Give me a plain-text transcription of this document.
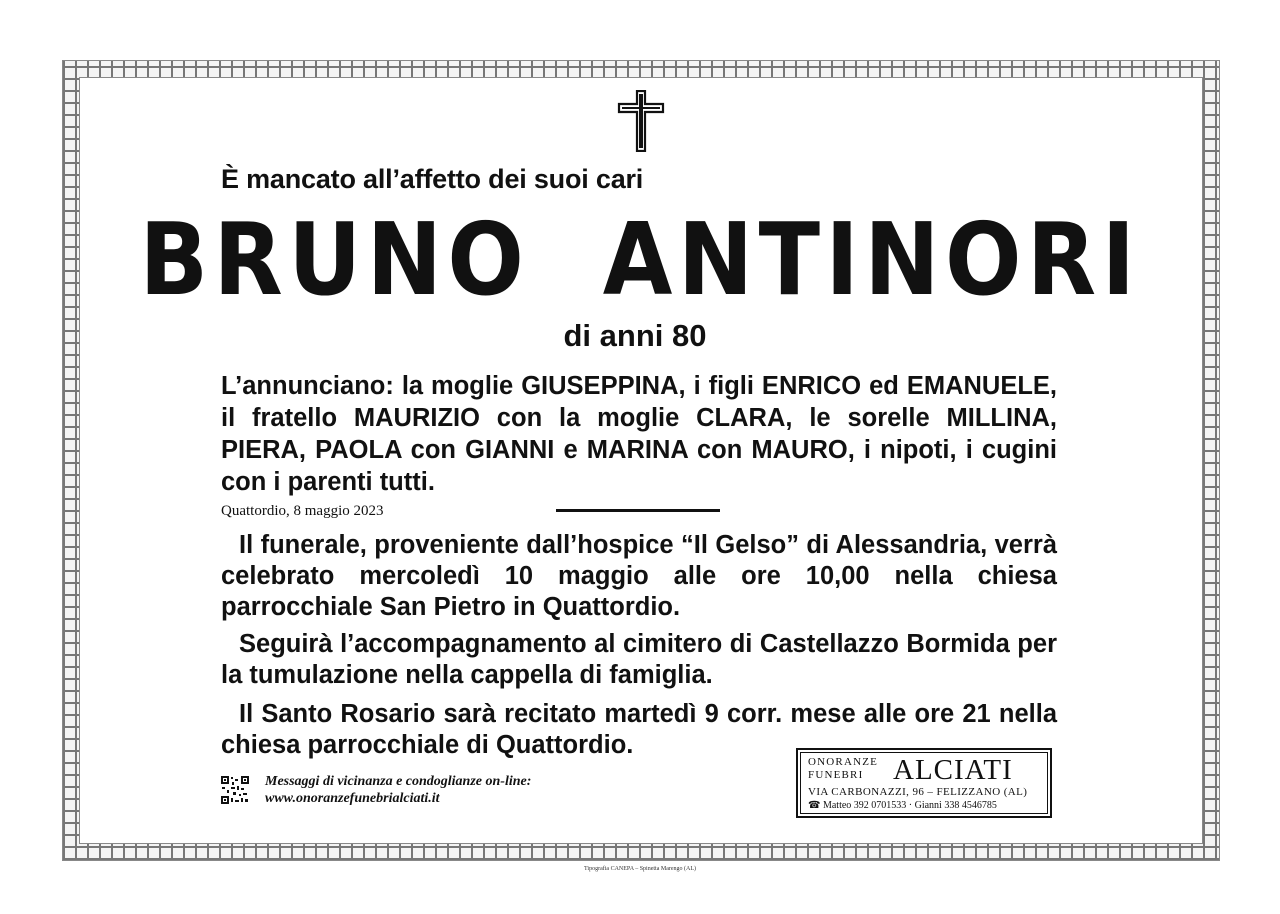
È mancato all’affetto dei suoi cari
BRUNO  ANTINORI
di anni 80
L’annunciano: la moglie GIUSEPPINA, i figli ENRICO ed EMANUELE, il fratello MAURIZIO con la moglie CLARA, le sorelle MILLINA, PIERA, PAOLA con GIANNI e MARINA con MAURO, i nipoti, i cugini con i parenti tutti.
Quattordio, 8 maggio 2023
Il funerale, proveniente dall’hospice “Il Gelso” di Alessandria, verrà celebrato mercoledì 10 maggio alle ore 10,00 nella chiesa parrocchiale San Pietro in Quattordio.
Seguirà l’accompagnamento al cimitero di Castellazzo Bormida per la tumulazione nella cappella di famiglia.
Il Santo Rosario sarà recitato martedì 9 corr. mese alle ore 21 nella chiesa parrocchiale di Quattordio.
Messaggi di vicinanza e condoglianze on-line:
www.onoranzefunebrialciati.it
ONORANZE
FUNEBRI	ALCIATI
VIA CARBONAZZI, 96 – FELIZZANO (AL)
☎ Matteo 392 0701533 · Gianni 338 4546785
Tipografia CANEPA – Spinetta Marengo (AL)
